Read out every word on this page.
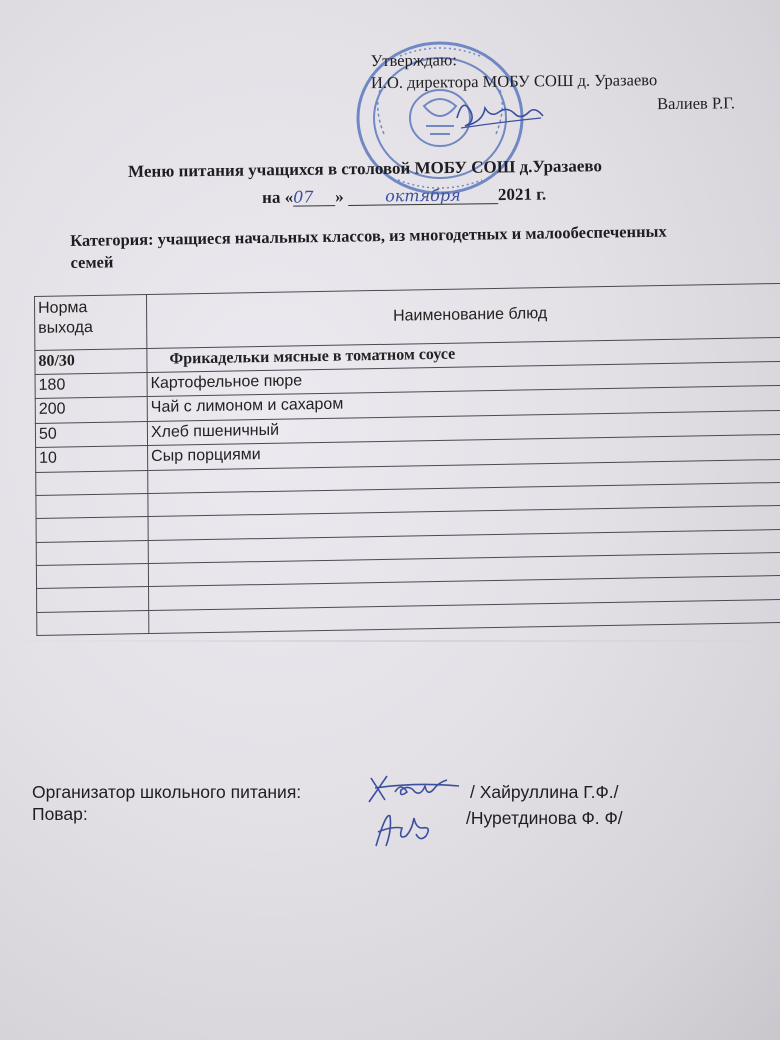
Утверждаю:
И.О. директора МОБУ СОШ д. Уразаево
Валиев Р.Г.
Меню питания учащихся в столовой МОБУ СОШ д.Уразаево
на «07 »	октября 2021 г.
Категория: учащиеся начальных классов, из многодетных и малообеспеченных семей
Норма выхода	Наименование блюд
80/30	Фрикадельки мясные в томатном соусе
180	Картофельное пюре
200	Чай с лимоном и сахаром
50	Хлеб пшеничный
10	Сыр порциями

Организатор школьного питания:
Повар:
/ Хайруллина Г.Ф./
/Нуретдинова Ф. Ф/
